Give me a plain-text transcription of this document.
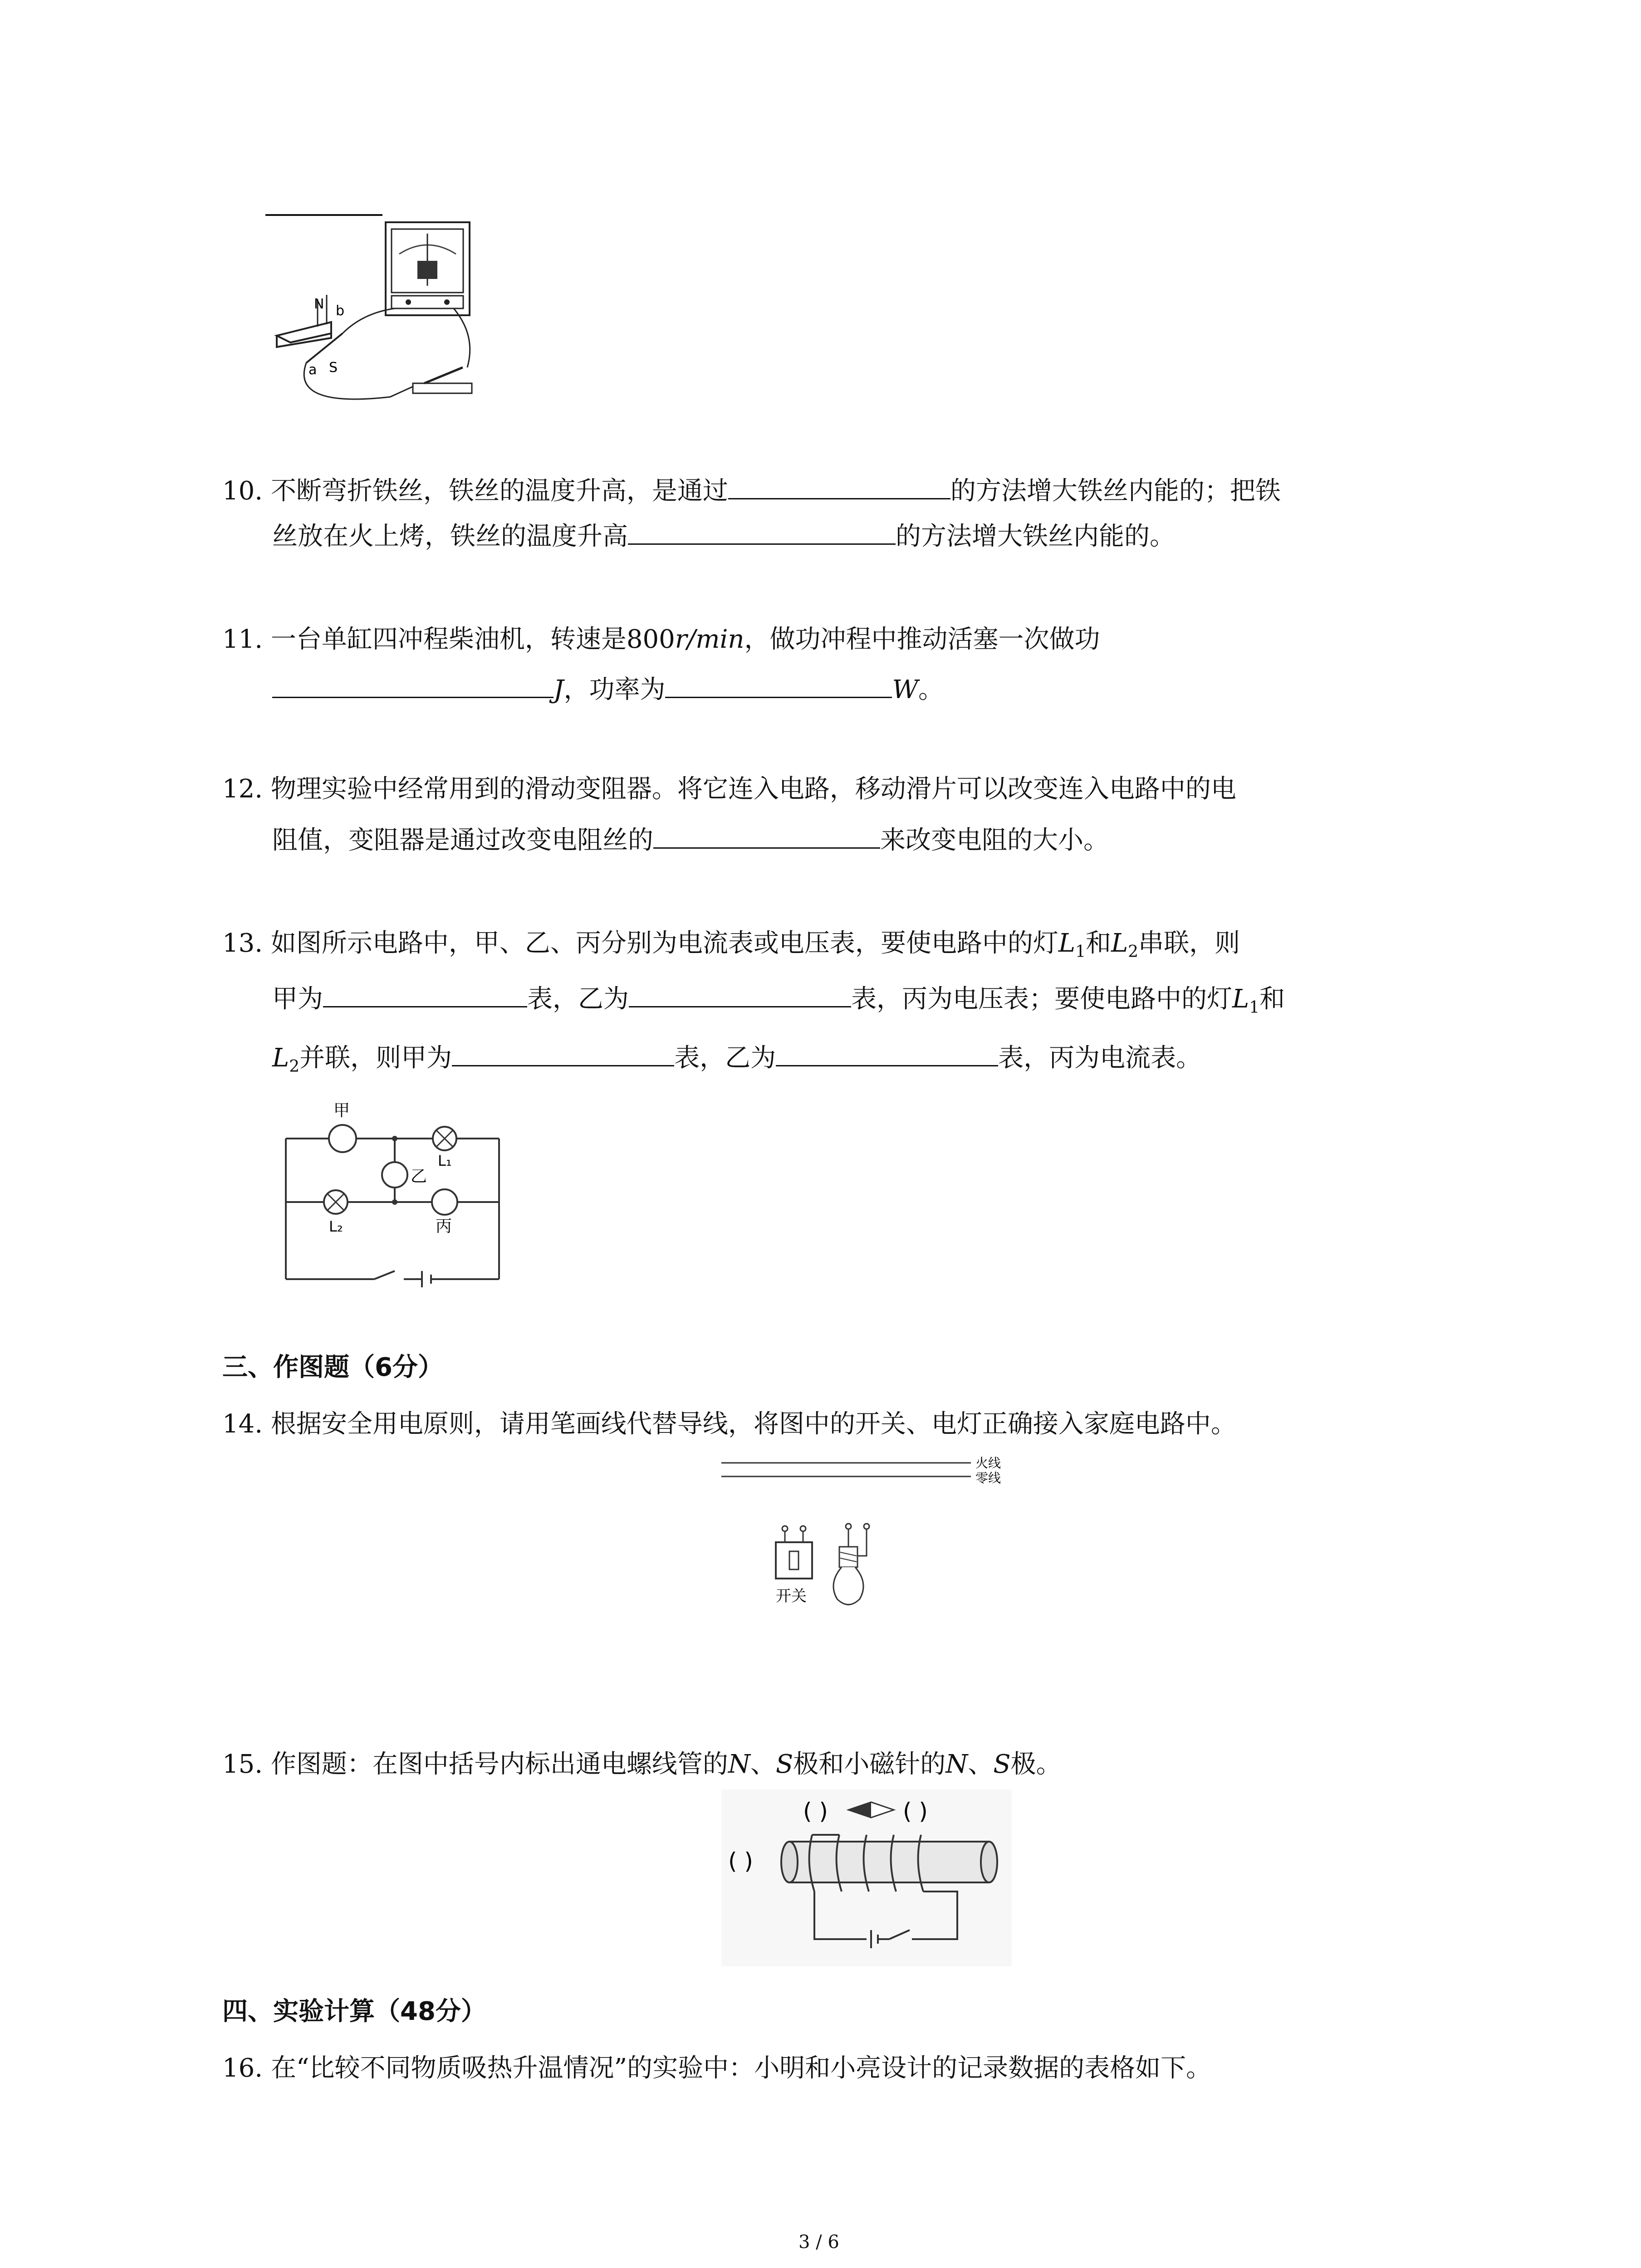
N b
a S
10. 不断弯折铁丝，铁丝的温度升高，是通过	的方法增大铁丝内能的；把铁
丝放在火上烤，铁丝的温度升高	的方法增大铁丝内能的。
11. 一台单缸四冲程柴油机，转速是800r/min，做功冲程中推动活塞一次做功
J，功率为	W。
12. 物理实验中经常用到的滑动变阻器。将它连入电路，移动滑片可以改变连入电路中的电
阻值，变阻器是通过改变电阻丝的	来改变电阻的大小。
13. 如图所示电路中，甲、乙、丙分别为电流表或电压表，要使电路中的灯$L_1$和$L_2$串联，则
甲为	表，乙为	表，丙为电压表；要使电路中的灯$L_1$和
$L_2$并联，则甲为	表，乙为	表，丙为电流表。
甲
乙
L₁
L₂	丙
三、作图题（6分）
14. 根据安全用电原则，请用笔画线代替导线，将图中的开关、电灯正确接入家庭电路中。
火线
零线
开关
15. 作图题：在图中括号内标出通电螺线管的N、S极和小磁针的N、S极。
( )	( )
( )
四、实验计算（48分）
16. 在“比较不同物质吸热升温情况”的实验中：小明和小亮设计的记录数据的表格如下。
3 / 6
